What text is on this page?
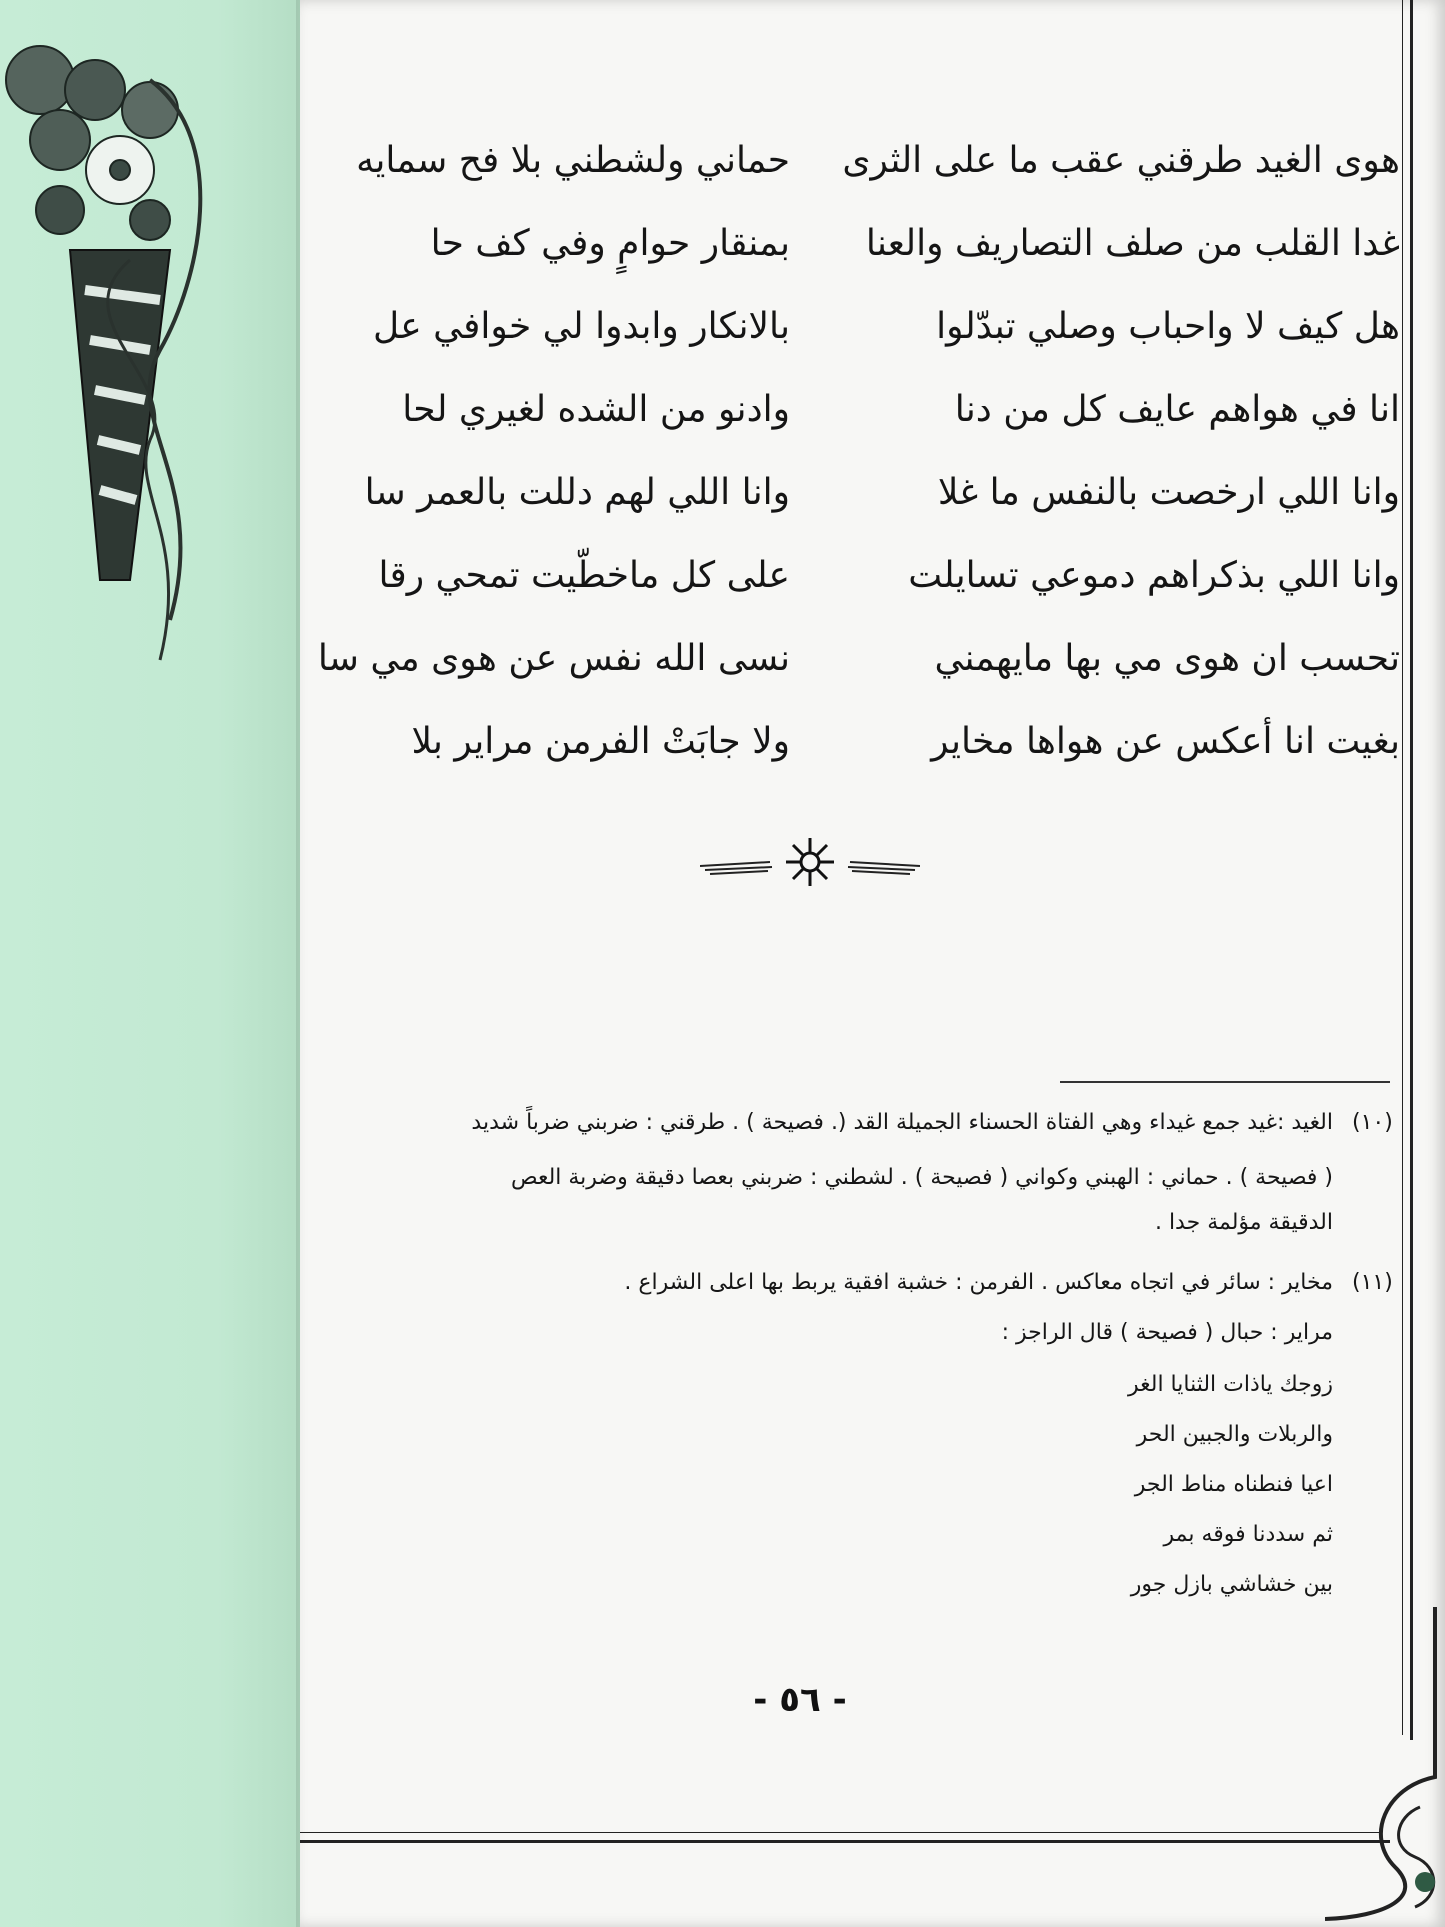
هوى الغيد طرقني عقب ما على الثرى
حماني ولشطني بلا فح سمايه
غدا القلب من صلف التصاريف والعنا
بمنقار حوامٍ وفي كف حا
هل كيف لا واحباب وصلي تبدّلوا
بالانكار وابدوا لي خوافي عل
انا في هواهم عايف كل من دنا
وادنو من الشده لغيري لحا
وانا اللي ارخصت بالنفس ما غلا
وانا اللي لهم دللت بالعمر سا
وانا اللي بذكراهم دموعي تسايلت
على كل ماخطّيت تمحي رقا
تحسب ان هوى مي بها مايهمني
نسى الله نفس عن هوى مي سا
بغيت انا أعكس عن هواها مخاير
ولا جابَتْ الفرمن مراير بلا
(١٠)
الغيد :غيد جمع غيداء وهي الفتاة الحسناء الجميلة القد (. فصيحة ) . طرقني : ضربني ضرباً شديد
( فصيحة ) . حماني : الهبني وكواني ( فصيحة ) . لشطني : ضربني بعصا دقيقة وضربة العص
الدقيقة مؤلمة جدا .
(١١)
مخاير : سائر في اتجاه معاكس . الفرمن : خشبة افقية يربط بها اعلى الشراع .
مراير : حبال ( فصيحة ) قال الراجز :
زوجك ياذات الثنايا الغر
والربلات والجبين الحر
اعيا فنطناه مناط الجر
ثم سددنا فوقه بمر
بين خشاشي بازل جور
- ٥٦ -
